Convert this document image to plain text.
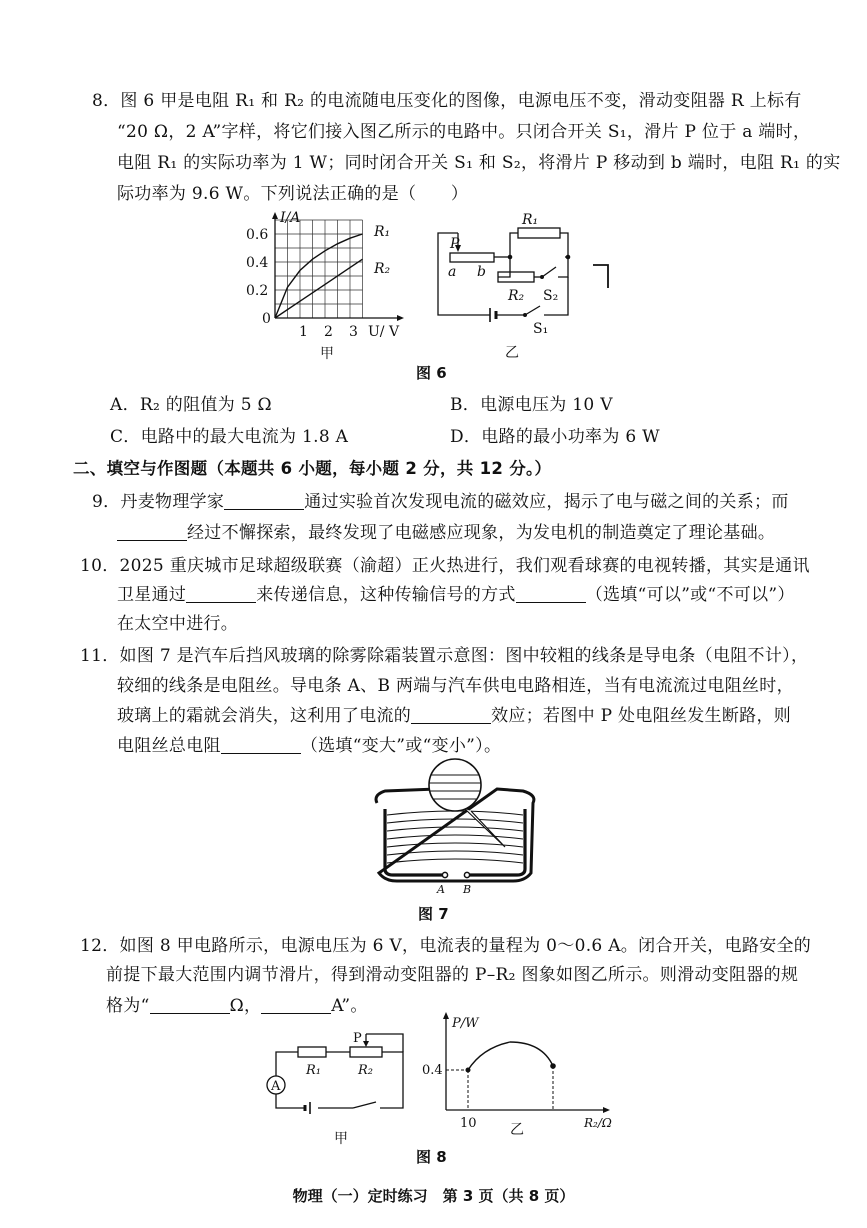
8．图 6 甲是电阻 R₁ 和 R₂ 的电流随电压变化的图像，电源电压不变，滑动变阻器 R 上标有
“20 Ω，2 A”字样，将它们接入图乙所示的电路中。只闭合开关 S₁，滑片 P 位于 a 端时，
电阻 R₁ 的实际功率为 1 W；同时闭合开关 S₁ 和 S₂，将滑片 P 移动到 b 端时，电阻 R₁ 的实
际功率为 9.6 W。下列说法正确的是（　　）
I/A
U/ V
0
0.6
0.4
0.2
1 2 3
R₁
R₂
甲
P
a b
R₁
R₂ S₂
S₁
乙
图 6
A．R₂ 的阻值为 5 Ω	B．电源电压为 10 V
C．电路中的最大电流为 1.8 A	D．电路的最小功率为 6 W
二、填空与作图题（本题共 6 小题，每小题 2 分，共 12 分。）
9．丹麦物理学家	通过实验首次发现电流的磁效应，揭示了电与磁之间的关系；而
经过不懈探索，最终发现了电磁感应现象，为发电机的制造奠定了理论基础。
10．2025 重庆城市足球超级联赛（渝超）正火热进行，我们观看球赛的电视转播，其实是通讯
卫星通过	来传递信息，这种传输信号的方式	（选填“可以”或“不可以”）
在太空中进行。
11．如图 7 是汽车后挡风玻璃的除雾除霜装置示意图：图中较粗的线条是导电条（电阻不计），
较细的线条是电阻丝。导电条 A、B 两端与汽车供电电路相连，当有电流流过电阻丝时，
玻璃上的霜就会消失，这利用了电流的	效应；若图中 P 处电阻丝发生断路，则
电阻丝总电阻	（选填“变大”或“变小”）。
A B
图 7
12．如图 8 甲电路所示，电源电压为 6 V，电流表的量程为 0～0.6 A。闭合开关，电路安全的
前提下最大范围内调节滑片，得到滑动变阻器的 P–R₂ 图象如图乙所示。则滑动变阻器的规
格为“	Ω，	A”。
A
P
R₁	R₂
甲
P/W
R₂/Ω
0.4
10 乙
图 8
物理（一）定时练习　第 3 页（共 8 页）
